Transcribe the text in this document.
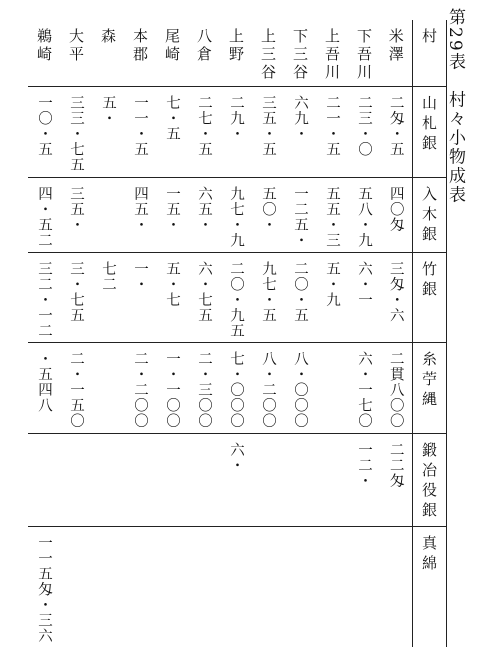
第29表　村々小物成表
鵜崎	大平	森	本郡	尾崎	八倉	上野	上三谷	下三谷	上吾川	下吾川	米澤	村
一〇・五	三三・七五	五・	一一・五	七・五	二七・五	二九・	三五・五	六九・	二一・五	二三・〇	二匁・五	山札銀
四・五二	三五・		四五・	一五・	六五・	九七・九	五〇・	一二五・	五五・三	五八・九	四〇匁	入木銀
三二・一二	三・七五	七二	一・	五・七	六・七五	二〇・九五	九七・五	二〇・五	五・九	六・一	三匁・六	竹銀
・五四八	二・一五〇		二・二〇〇	一・一〇〇	二・三〇〇	七・〇〇〇	八・二〇〇	八・〇〇〇		六・一七〇	二貫八〇〇	糸苧縄
						六・				一二・	二二匁	鍛冶役銀
一一五匁・三六												真綿
